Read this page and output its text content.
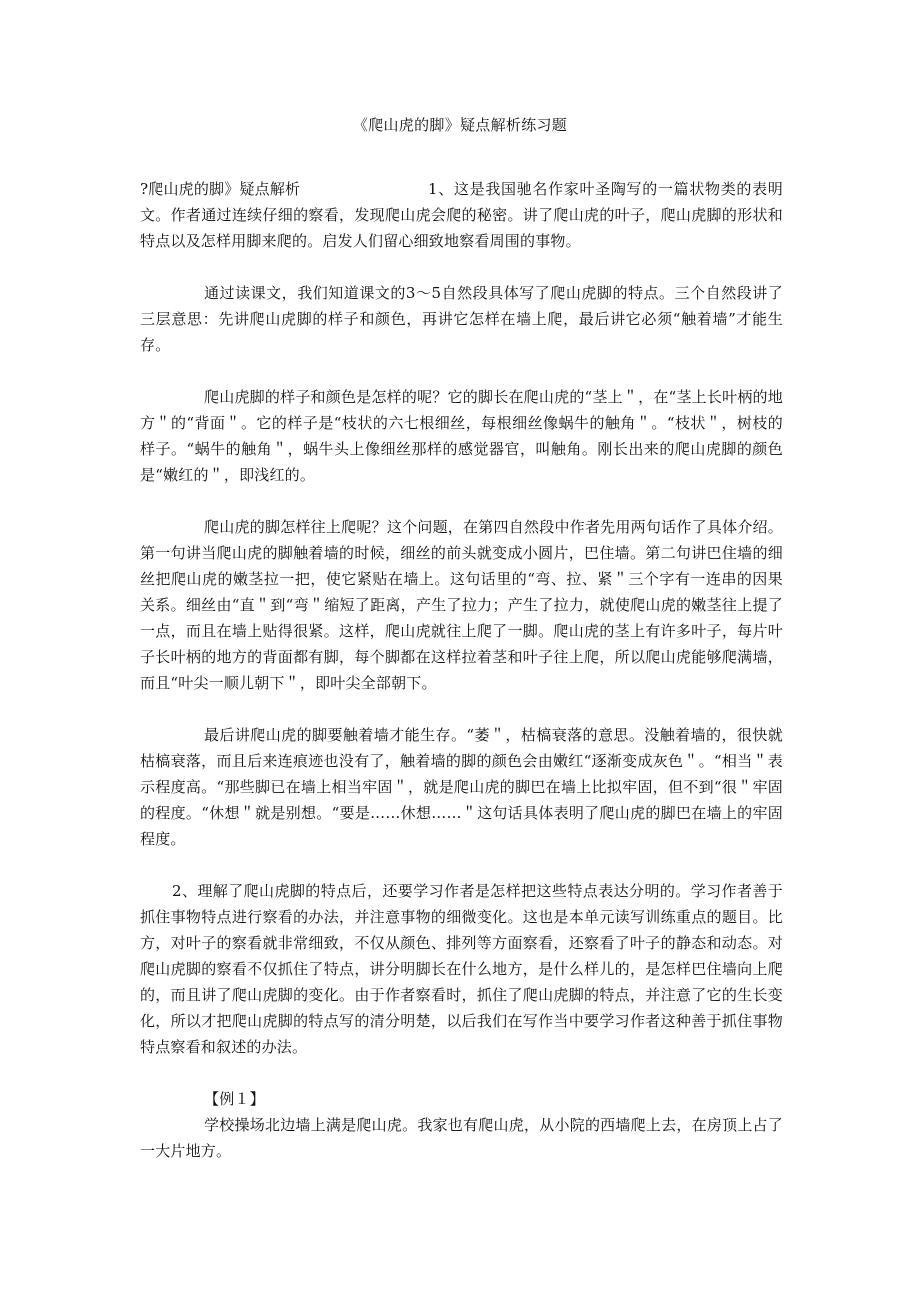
《爬山虎的脚》疑点解析练习题

?爬山虎的脚》疑点解析	1、这是我国驰名作家叶圣陶写的一篇状物类的表明文。作者通过连续仔细的察看，发现爬山虎会爬的秘密。讲了爬山虎的叶子，爬山虎脚的形状和特点以及怎样用脚来爬的。启发人们留心细致地察看周围的事物。

通过读课文，我们知道课文的3～5自然段具体写了爬山虎脚的特点。三个自然段讲了三层意思：先讲爬山虎脚的样子和颜色，再讲它怎样在墙上爬，最后讲它必须“触着墙”才能生存。

爬山虎脚的样子和颜色是怎样的呢？它的脚长在爬山虎的“茎上＂，在“茎上长叶柄的地方＂的“背面＂。它的样子是“枝状的六七根细丝，每根细丝像蜗牛的触角＂。“枝状＂，树枝的样子。“蜗牛的触角＂，蜗牛头上像细丝那样的感觉器官，叫触角。刚长出来的爬山虎脚的颜色是“嫩红的＂，即浅红的。

爬山虎的脚怎样往上爬呢？这个问题，在第四自然段中作者先用两句话作了具体介绍。第一句讲当爬山虎的脚触着墙的时候，细丝的前头就变成小圆片，巴住墙。第二句讲巴住墙的细丝把爬山虎的嫩茎拉一把，使它紧贴在墙上。这句话里的“弯、拉、紧＂三个字有一连串的因果关系。细丝由“直＂到“弯＂缩短了距离，产生了拉力；产生了拉力，就使爬山虎的嫩茎往上提了一点，而且在墙上贴得很紧。这样，爬山虎就往上爬了一脚。爬山虎的茎上有许多叶子，每片叶子长叶柄的地方的背面都有脚，每个脚都在这样拉着茎和叶子往上爬，所以爬山虎能够爬满墙，而且“叶尖一顺儿朝下＂，即叶尖全部朝下。

最后讲爬山虎的脚要触着墙才能生存。“萎＂，枯槁衰落的意思。没触着墙的，很快就枯槁衰落，而且后来连痕迹也没有了，触着墙的脚的颜色会由嫩红“逐渐变成灰色＂。“相当＂表示程度高。“那些脚已在墙上相当牢固＂，就是爬山虎的脚巴在墙上比拟牢固，但不到“很＂牢固的程度。“休想＂就是别想。“要是……休想……＂这句话具体表明了爬山虎的脚巴在墙上的牢固程度。

2、理解了爬山虎脚的特点后，还要学习作者是怎样把这些特点表达分明的。学习作者善于抓住事物特点进行察看的办法，并注意事物的细微变化。这也是本单元读写训练重点的题目。比方，对叶子的察看就非常细致，不仅从颜色、排列等方面察看，还察看了叶子的静态和动态。对爬山虎脚的察看不仅抓住了特点，讲分明脚长在什么地方，是什么样儿的，是怎样巴住墙向上爬的，而且讲了爬山虎脚的变化。由于作者察看时，抓住了爬山虎脚的特点，并注意了它的生长变化，所以才把爬山虎脚的特点写的清分明楚，以后我们在写作当中要学习作者这种善于抓住事物特点察看和叙述的办法。

【例１】

学校操场北边墙上满是爬山虎。我家也有爬山虎，从小院的西墙爬上去，在房顶上占了一大片地方。
